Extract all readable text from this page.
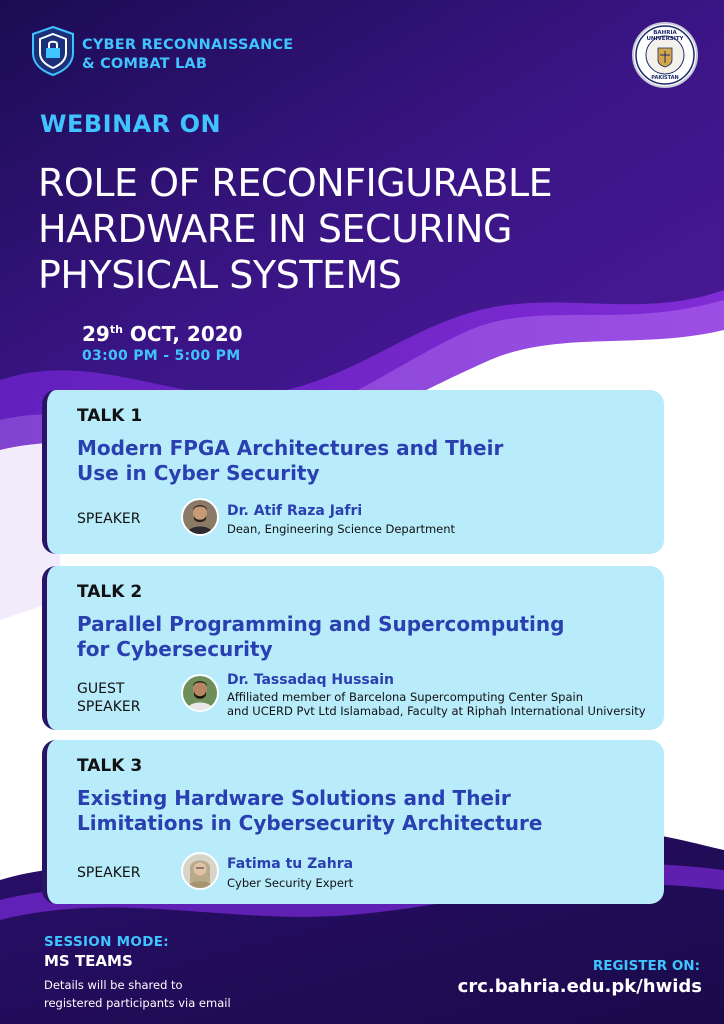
CYBER RECONNAISSANCE
& COMBAT LAB
BAHRIA UNIVERSITY
PAKISTAN
WEBINAR ON
ROLE OF RECONFIGURABLE
HARDWARE IN SECURING
PHYSICAL SYSTEMS
29th OCT, 2020
03:00 PM - 5:00 PM
TALK 1
Modern FPGA Architectures and Their
Use in Cyber Security
SPEAKER	Dr. Atif Raza Jafri
Dean, Engineering Science Department
TALK 2
Parallel Programming and Supercomputing
for Cybersecurity
GUEST
SPEAKER
Dr. Tassadaq Hussain
Affiliated member of Barcelona Supercomputing Center Spain
and UCERD Pvt Ltd Islamabad, Faculty at Riphah International University
TALK 3
Existing Hardware Solutions and Their
Limitations in Cybersecurity Architecture
SPEAKER
Fatima tu Zahra
Cyber Security Expert
SESSION MODE:
MS TEAMS
Details will be shared to
registered participants via email
REGISTER ON:
crc.bahria.edu.pk/hwids
